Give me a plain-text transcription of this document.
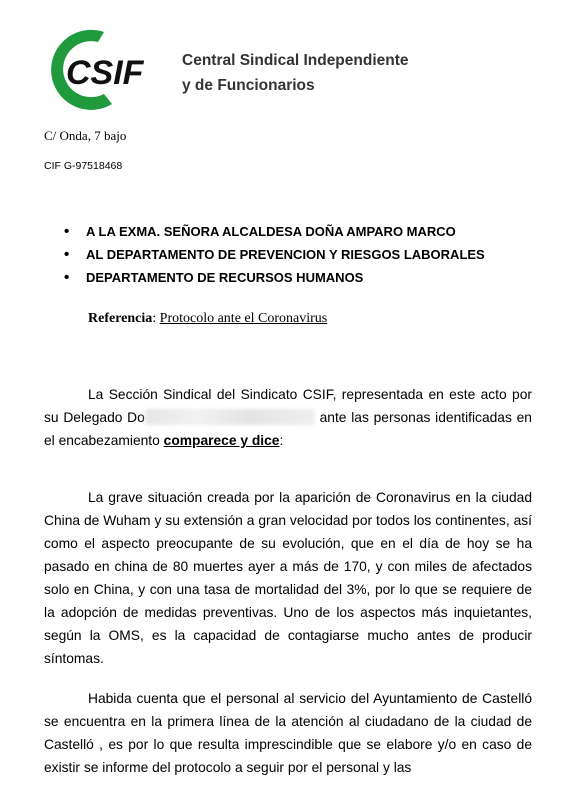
CSIF Central Sindical Independiente
y de Funcionarios
C/ Onda, 7 bajo
CIF G-97518468
• A LA EXMA. SEÑORA ALCALDESA DOÑA AMPARO MARCO
• AL DEPARTAMENTO DE PREVENCION Y RIESGOS LABORALES
• DEPARTAMENTO DE RECURSOS HUMANOS
Referencia: Protocolo ante el Coronavirus

La Sección Sindical del Sindicato CSIF, representada en este acto por su Delegado Do	ante las personas identificadas en el encabezamiento comparece y dice:

La grave situación creada por la aparición de Coronavirus en la ciudad China de Wuham y su extensión a gran velocidad por todos los continentes, así como el aspecto preocupante de su evolución, que en el día de hoy se ha pasado en china de 80 muertes ayer a más de 170, y con miles de afectados solo en China, y con una tasa de mortalidad del 3%, por lo que se requiere de la adopción de medidas preventivas. Uno de los aspectos más inquietantes, según la OMS, es la capacidad de contagiarse mucho antes de producir síntomas.

Habida cuenta que el personal al servicio del Ayuntamiento de Castelló se encuentra en la primera línea de la atención al ciudadano de la ciudad de Castelló , es por lo que resulta imprescindible que se elabore y/o en caso de existir se informe del protocolo a seguir por el personal y las
